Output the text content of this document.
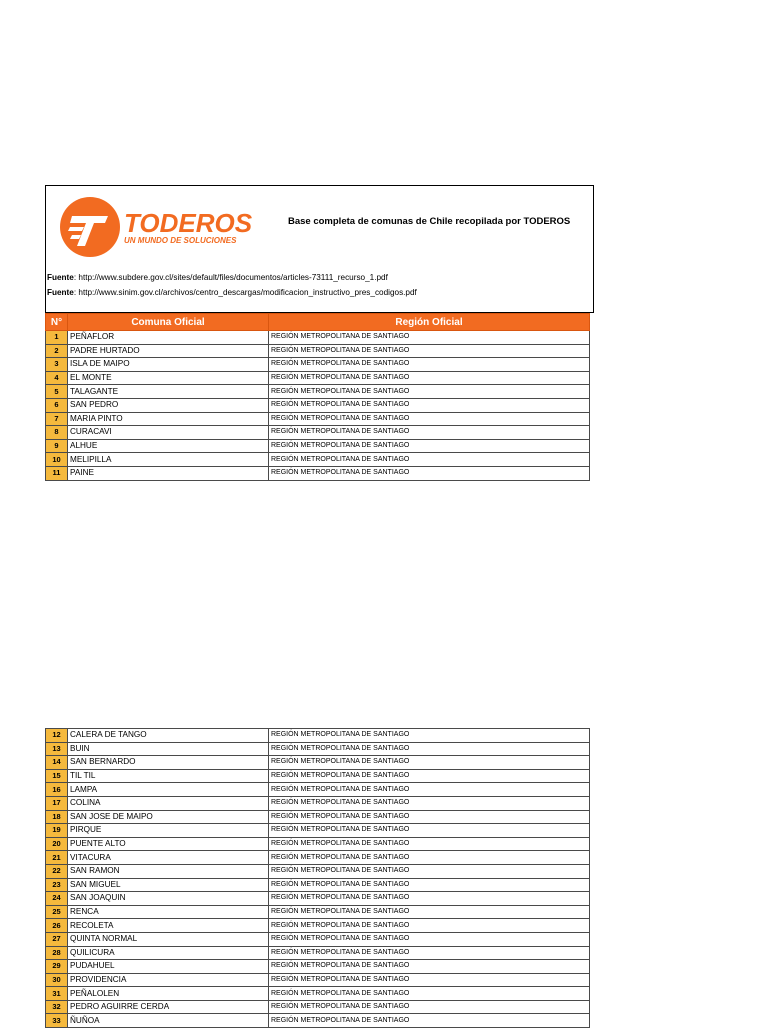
TODEROS
UN MUNDO DE SOLUCIONES
Base completa de comunas de Chile recopilada por TODEROS
Fuente: http://www.subdere.gov.cl/sites/default/files/documentos/articles-73111_recurso_1.pdf
Fuente: http://www.sinim.gov.cl/archivos/centro_descargas/modificacion_instructivo_pres_codigos.pdf
N°	Comuna Oficial	Región Oficial
1	PEÑAFLOR	REGIÓN METROPOLITANA DE SANTIAGO
2	PADRE HURTADO	REGIÓN METROPOLITANA DE SANTIAGO
3	ISLA DE MAIPO	REGIÓN METROPOLITANA DE SANTIAGO
4	EL MONTE	REGIÓN METROPOLITANA DE SANTIAGO
5	TALAGANTE	REGIÓN METROPOLITANA DE SANTIAGO
6	SAN PEDRO	REGIÓN METROPOLITANA DE SANTIAGO
7	MARIA PINTO	REGIÓN METROPOLITANA DE SANTIAGO
8	CURACAVI	REGIÓN METROPOLITANA DE SANTIAGO
9	ALHUE	REGIÓN METROPOLITANA DE SANTIAGO
10	MELIPILLA	REGIÓN METROPOLITANA DE SANTIAGO
11	PAINE	REGIÓN METROPOLITANA DE SANTIAGO
12	CALERA DE TANGO	REGIÓN METROPOLITANA DE SANTIAGO
13	BUIN	REGIÓN METROPOLITANA DE SANTIAGO
14	SAN BERNARDO	REGIÓN METROPOLITANA DE SANTIAGO
15	TIL TIL	REGIÓN METROPOLITANA DE SANTIAGO
16	LAMPA	REGIÓN METROPOLITANA DE SANTIAGO
17	COLINA	REGIÓN METROPOLITANA DE SANTIAGO
18	SAN JOSE DE MAIPO	REGIÓN METROPOLITANA DE SANTIAGO
19	PIRQUE	REGIÓN METROPOLITANA DE SANTIAGO
20	PUENTE ALTO	REGIÓN METROPOLITANA DE SANTIAGO
21	VITACURA	REGIÓN METROPOLITANA DE SANTIAGO
22	SAN RAMON	REGIÓN METROPOLITANA DE SANTIAGO
23	SAN MIGUEL	REGIÓN METROPOLITANA DE SANTIAGO
24	SAN JOAQUIN	REGIÓN METROPOLITANA DE SANTIAGO
25	RENCA	REGIÓN METROPOLITANA DE SANTIAGO
26	RECOLETA	REGIÓN METROPOLITANA DE SANTIAGO
27	QUINTA NORMAL	REGIÓN METROPOLITANA DE SANTIAGO
28	QUILICURA	REGIÓN METROPOLITANA DE SANTIAGO
29	PUDAHUEL	REGIÓN METROPOLITANA DE SANTIAGO
30	PROVIDENCIA	REGIÓN METROPOLITANA DE SANTIAGO
31	PEÑALOLEN	REGIÓN METROPOLITANA DE SANTIAGO
32	PEDRO AGUIRRE CERDA	REGIÓN METROPOLITANA DE SANTIAGO
33	ÑUÑOA	REGIÓN METROPOLITANA DE SANTIAGO
